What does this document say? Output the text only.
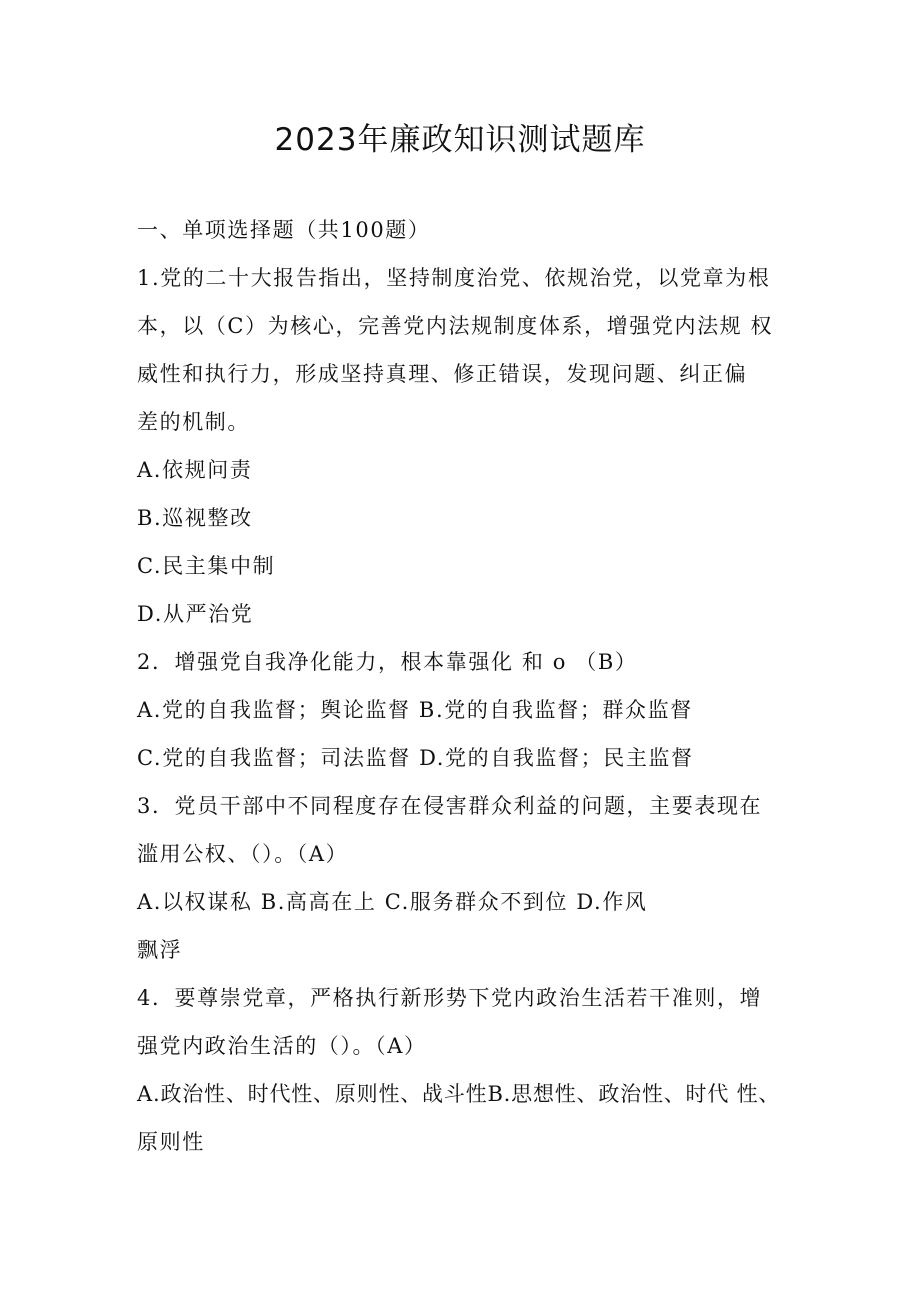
2023年廉政知识测试题库
一、单项选择题（共100题）
1.党的二十大报告指出，坚持制度治党、依规治党，以党章为根
本，以（C）为核心，完善党内法规制度体系，增强党内法规 权
威性和执行力，形成坚持真理、修正错误，发现问题、纠正偏
差的机制。
A.依规问责
B.巡视整改
C.民主集中制
D.从严治党
2．增强党自我净化能力，根本靠强化 和 o （B）
A.党的自我监督；舆论监督 B.党的自我监督；群众监督
C.党的自我监督；司法监督 D.党的自我监督；民主监督
3．党员干部中不同程度存在侵害群众利益的问题，主要表现在
滥用公权、（）。（A）
A.以权谋私 B.高高在上 C.服务群众不到位 D.作风
飘浮
4．要尊崇党章，严格执行新形势下党内政治生活若干准则，增
强党内政治生活的（）。（A）
A.政治性、时代性、原则性、战斗性B.思想性、政治性、时代 性、
原则性
